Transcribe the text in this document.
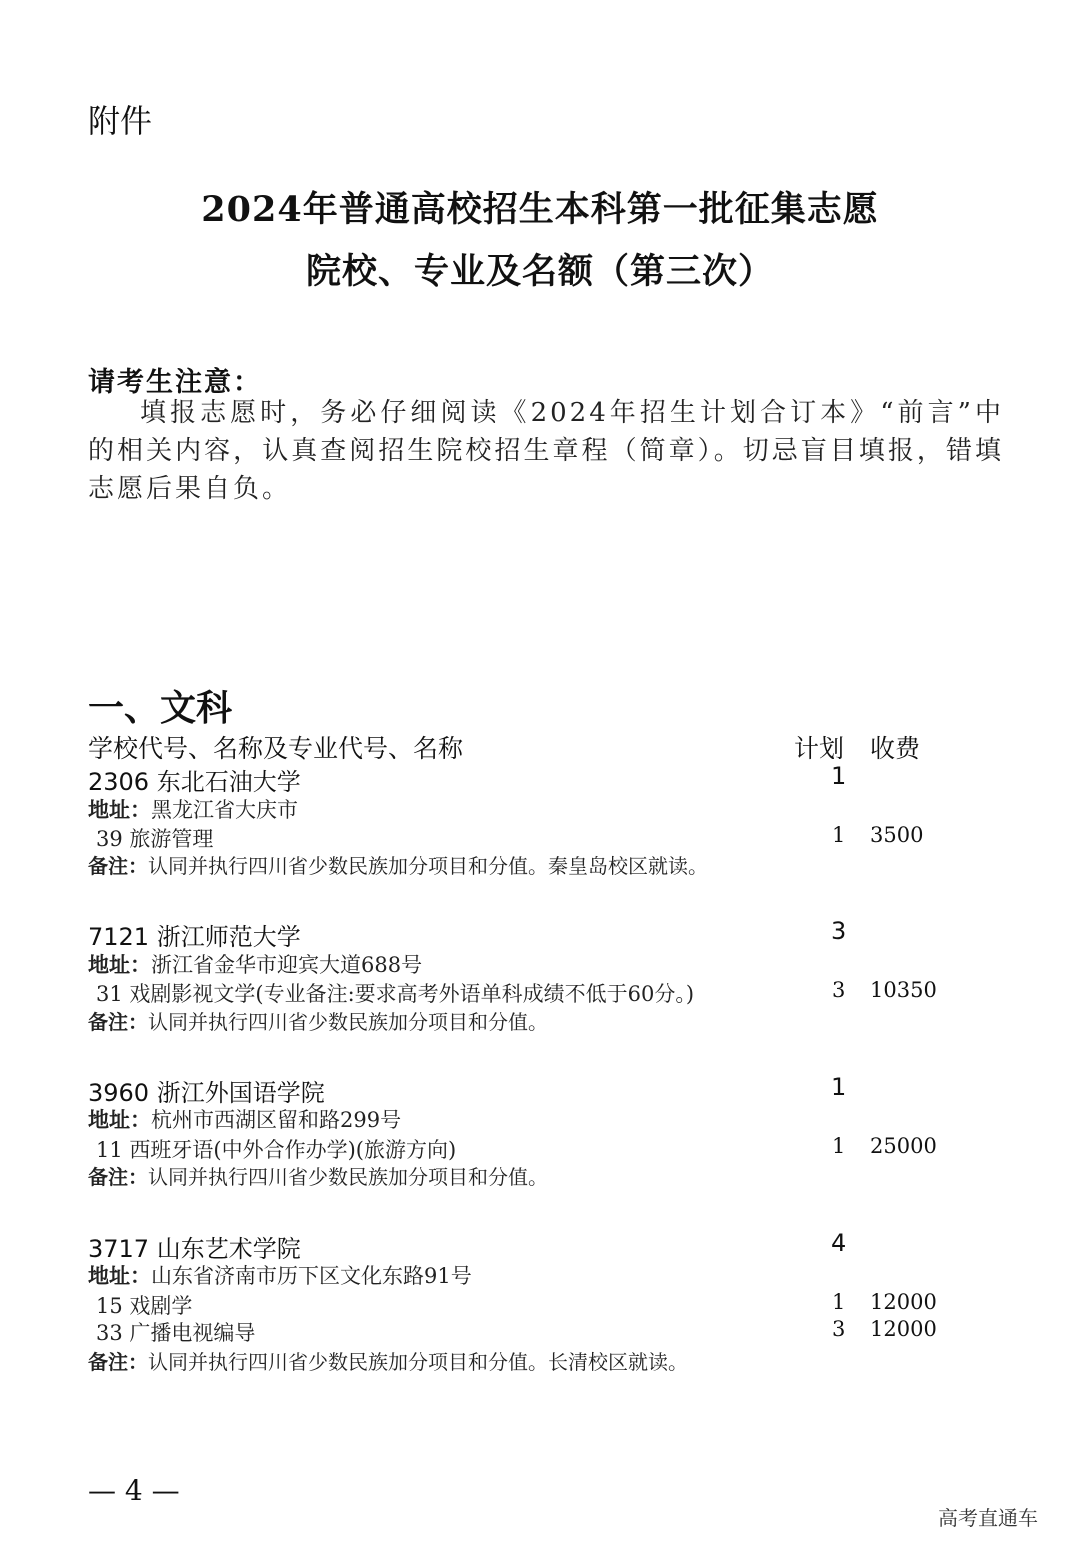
附件
2024年普通高校招生本科第一批征集志愿
院校、专业及名额（第三次）
请考生注意：
填报志愿时，务必仔细阅读《2024年招生计划合订本》“前言”中的相关内容，认真查阅招生院校招生章程（简章）。切忌盲目填报，错填志愿后果自负。
一、文科
学校代号、名称及专业代号、名称	计划 收费
2306 东北石油大学	1
地址：黑龙江省大庆市
39 旅游管理	1 3500
备注：认同并执行四川省少数民族加分项目和分值。秦皇岛校区就读。
7121 浙江师范大学	3
地址：浙江省金华市迎宾大道688号
31 戏剧影视文学(专业备注:要求高考外语单科成绩不低于60分。)	3 10350
备注：认同并执行四川省少数民族加分项目和分值。
3960 浙江外国语学院	1
地址：杭州市西湖区留和路299号
11 西班牙语(中外合作办学)(旅游方向)	1 25000
备注：认同并执行四川省少数民族加分项目和分值。
3717 山东艺术学院	4
地址：山东省济南市历下区文化东路91号
15 戏剧学	1 12000
33 广播电视编导	3 12000
备注：认同并执行四川省少数民族加分项目和分值。长清校区就读。
— 4 —
高考直通车
